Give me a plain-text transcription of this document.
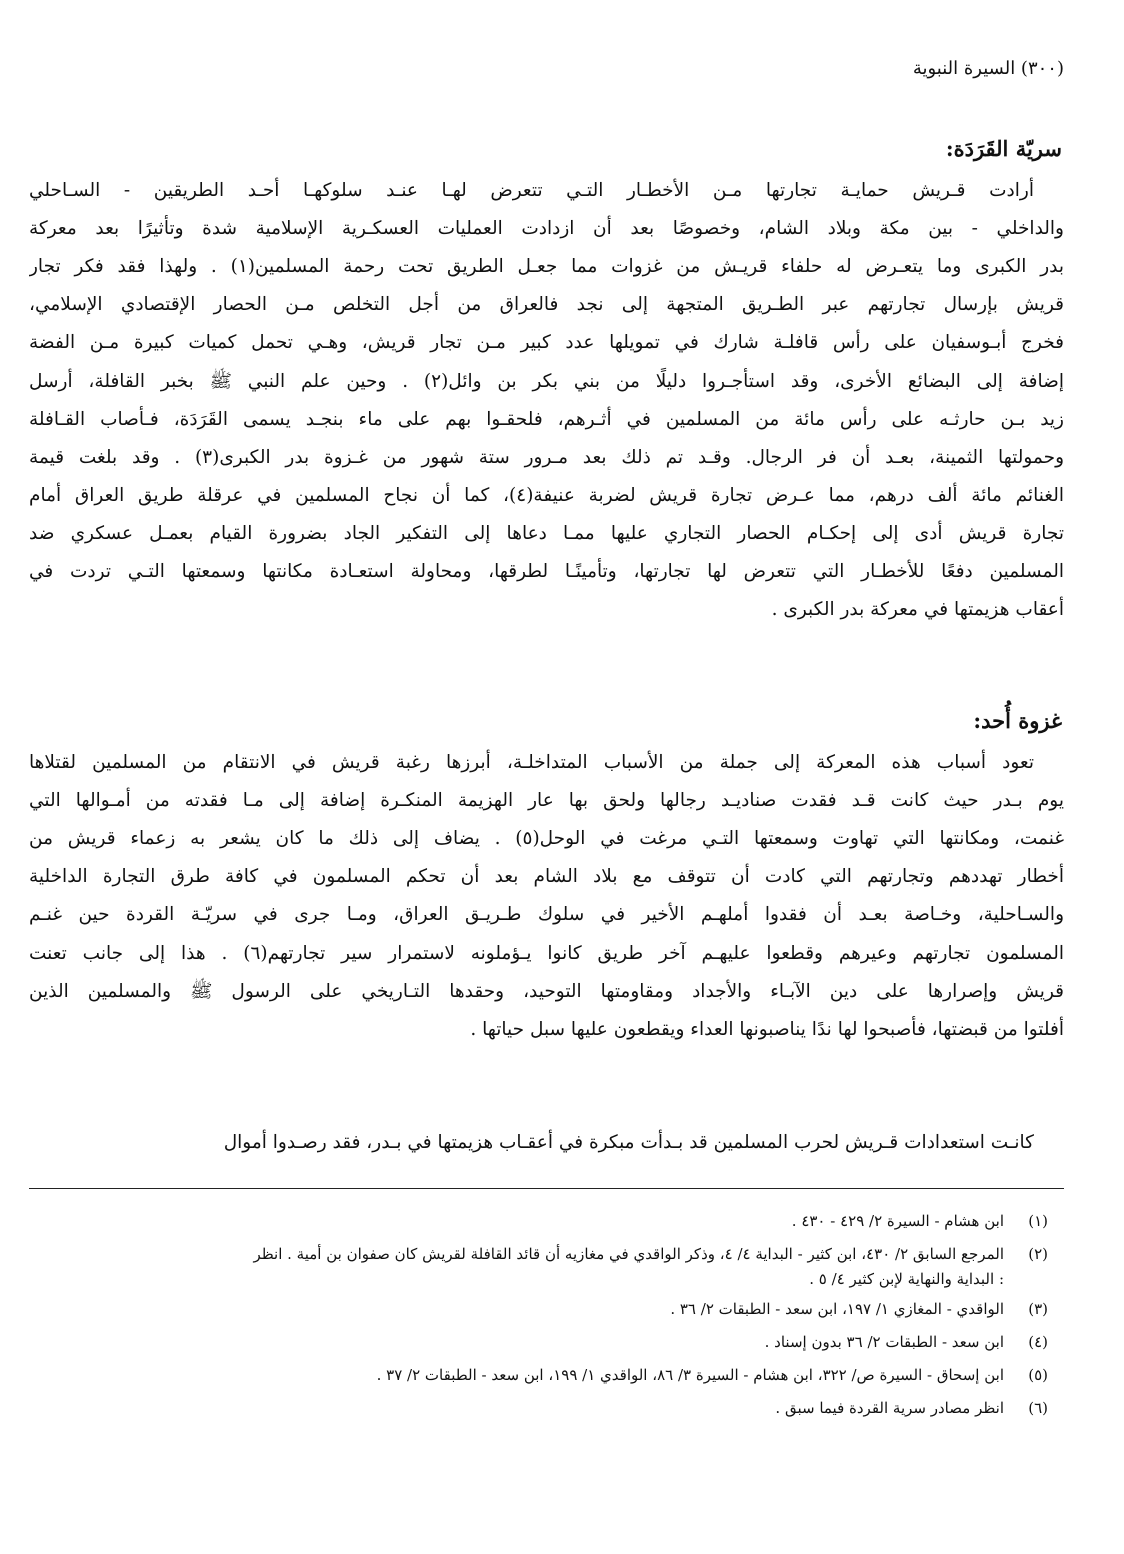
(٣٠٠) السيرة النبوية
سريّة القَرَدَة:
أرادت قـريش حمايـة تجارتها مـن الأخطـار التـي تتعرض لهـا عنـد سلوكهـا أحـد الطريقين - السـاحلي
والداخلي - بين مكة وبلاد الشام، وخصوصًا بعد أن ازدادت العمليات العسكـرية الإسلامية شدة وتأثيرًا بعد معركة
بدر الكبرى وما يتعـرض له حلفاء قريـش من غزوات مما جعـل الطريق تحت رحمة المسلمين(١) . ولهذا فقد فكر تجار
قريش بإرسال تجارتهم عبر الطـريق المتجهة إلى نجد فالعراق من أجل التخلص مـن الحصار الإقتصادي الإسلامي،
فخرج أبـوسفيان على رأس قافلـة شارك في تمويلها عدد كبير مـن تجار قريش، وهـي تحمل كميات كبيرة مـن الفضة
إضافة إلى البضائع الأخرى، وقد استأجـروا دليلًا من بني بكر بن وائل(٢) . وحين علم النبي ﷺ بخبر القافلة، أرسل
زيد بـن حارثـه على رأس مائة من المسلمين في أثـرهم، فلحقـوا بهم على ماء بنجـد يسمى القَرَدَة، فـأصاب القـافلة
وحمولتها الثمينة، بعـد أن فر الرجال. وقـد تم ذلك بعد مـرور ستة شهور من غـزوة بدر الكبرى(٣) . وقد بلغت قيمة
الغنائم مائة ألف درهم، مما عـرض تجارة قريش لضربة عنيفة(٤)، كما أن نجاح المسلمين في عرقلة طريق العراق أمام
تجارة قريش أدى إلى إحكـام الحصار التجاري عليها ممـا دعاها إلى التفكير الجاد بضرورة القيام بعمـل عسكري ضد
المسلمين دفعًا للأخطـار التي تتعرض لها تجارتها، وتأمينًـا لطرقها، ومحاولة استعـادة مكانتها وسمعتها التـي تردت في
أعقاب هزيمتها في معركة بدر الكبرى .
غزوة أُحد:
تعود أسباب هذه المعركة إلى جملة من الأسباب المتداخلـة، أبرزها رغبة قريش في الانتقام من المسلمين لقتلاها
يوم بـدر حيث كانت قـد فقدت صناديـد رجالها ولحق بها عار الهزيمة المنكـرة إضافة إلى مـا فقدته من أمـوالها التي
غنمت، ومكانتها التي تهاوت وسمعتها التـي مرغت في الوحل(٥) . يضاف إلى ذلك ما كان يشعر به زعماء قريش من
أخطار تهددهم وتجارتهم التي كادت أن تتوقف مع بلاد الشام بعد أن تحكم المسلمون في كافة طرق التجارة الداخلية
والسـاحلية، وخـاصة بعـد أن فقدوا أملهـم الأخير في سلوك طـريـق العراق، ومـا جرى في سريّـة القردة حين غنـم
المسلمون تجارتهم وعيرهم وقطعوا عليهـم آخر طريق كانوا يـؤملونه لاستمرار سير تجارتهم(٦) . هذا إلى جانب تعنت
قريش وإصرارها على دين الآبـاء والأجداد ومقاومتها التوحيد، وحقدها التـاريخي على الرسول ﷺ والمسلمين الذين
أفلتوا من قبضتها، فأصبحوا لها ندًا يناصبونها العداء ويقطعون عليها سبل حياتها .
كانـت استعدادات قـريش لحرب المسلمين قد بـدأت مبكرة في أعقـاب هزيمتها في بـدر، فقد رصـدوا أموال
(١)ابن هشام - السيرة ٢/ ٤٢٩ - ٤٣٠ .
(٢)المرجع السابق ٢/ ٤٣٠، ابن كثير - البداية ٤/ ٤، وذكر الواقدي في مغازيه أن قائد القافلة لقريش كان صفوان بن أمية . انظر
: البداية والنهاية لإبن كثير ٤/ ٥ .
(٣)الواقدي - المغازي ١/ ١٩٧، ابن سعد - الطبقات ٢/ ٣٦ .
(٤)ابن سعد - الطبقات ٢/ ٣٦ بدون إسناد .
(٥)ابن إسحاق - السيرة ص/ ٣٢٢، ابن هشام - السيرة ٣/ ٨٦، الواقدي ١/ ١٩٩، ابن سعد - الطبقات ٢/ ٣٧ .
(٦)انظر مصادر سرية القردة فيما سبق .
